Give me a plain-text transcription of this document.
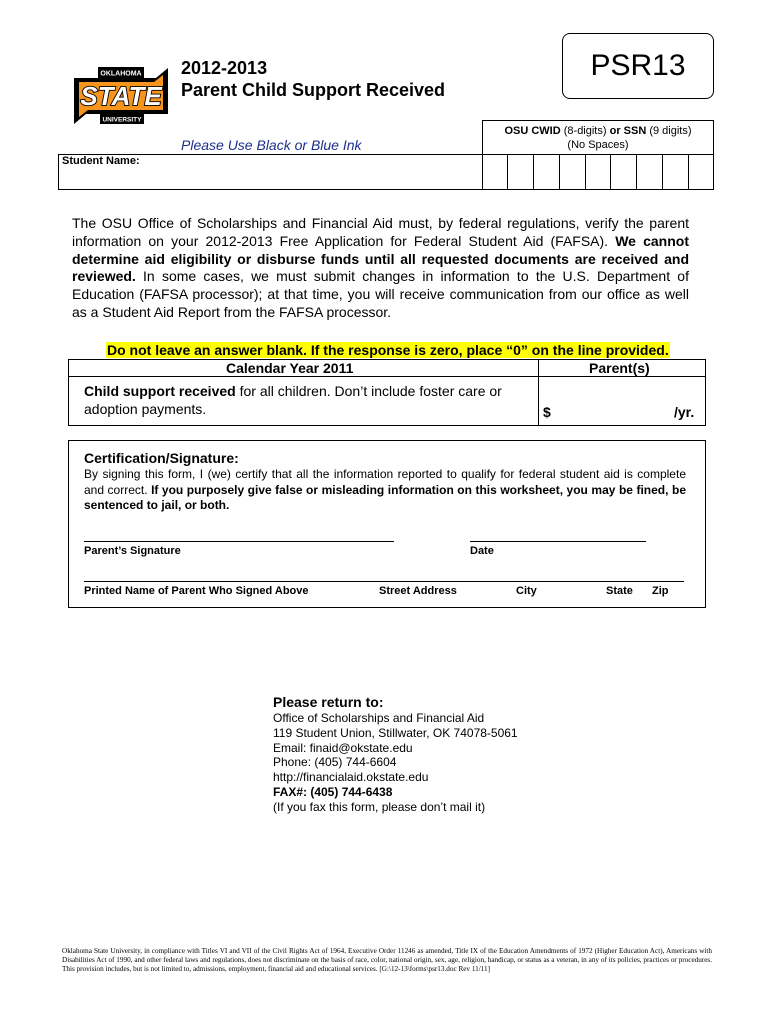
OKLAHOMA
STATE
UNIVERSITY
2012-2013
Parent Child Support Received
PSR13
Please Use Black or Blue Ink
Student Name:
OSU CWID (8-digits) or SSN (9 digits)
(No Spaces)
The OSU Office of Scholarships and Financial Aid must, by federal regulations, verify the parent information on your 2012-2013 Free Application for Federal Student Aid (FAFSA). We cannot determine aid eligibility or disburse funds until all requested documents are received and reviewed. In some cases, we must submit changes in information to the U.S. Department of Education (FAFSA processor); at that time, you will receive communication from our office as well as a Student Aid Report from the FAFSA processor.
Do not leave an answer blank. If the response is zero, place “0” on the line provided.
Calendar Year 2011	Parent(s)
Child support received for all children. Don’t include foster care or adoption payments.	$	/yr.
Certification/Signature:
By signing this form, I (we) certify that all the information reported to qualify for federal student aid is complete and correct. If you purposely give false or misleading information on this worksheet, you may be fined, be sentenced to jail, or both.
Parent’s Signature	Date
Printed Name of Parent Who Signed Above	Street Address	City	State Zip
Please return to:
Office of Scholarships and Financial Aid
119 Student Union, Stillwater, OK 74078-5061
Email: finaid@okstate.edu
Phone: (405) 744-6604
http://financialaid.okstate.edu
FAX#: (405) 744-6438
(If you fax this form, please don’t mail it)
Oklahoma State University, in compliance with Titles VI and VII of the Civil Rights Act of 1964, Executive Order 11246 as amended, Title IX of the Education Amendments of 1972 (Higher Education Act), Americans with Disabilities Act of 1990, and other federal laws and regulations, does not discriminate on the basis of race, color, national origin, sex, age, religion, handicap, or status as a veteran, in any of its policies, practices or procedures. This provision includes, but is not limited to, admissions, employment, financial aid and educational services. [G:\12-13\forms\psr13.doc Rev 11/11]
